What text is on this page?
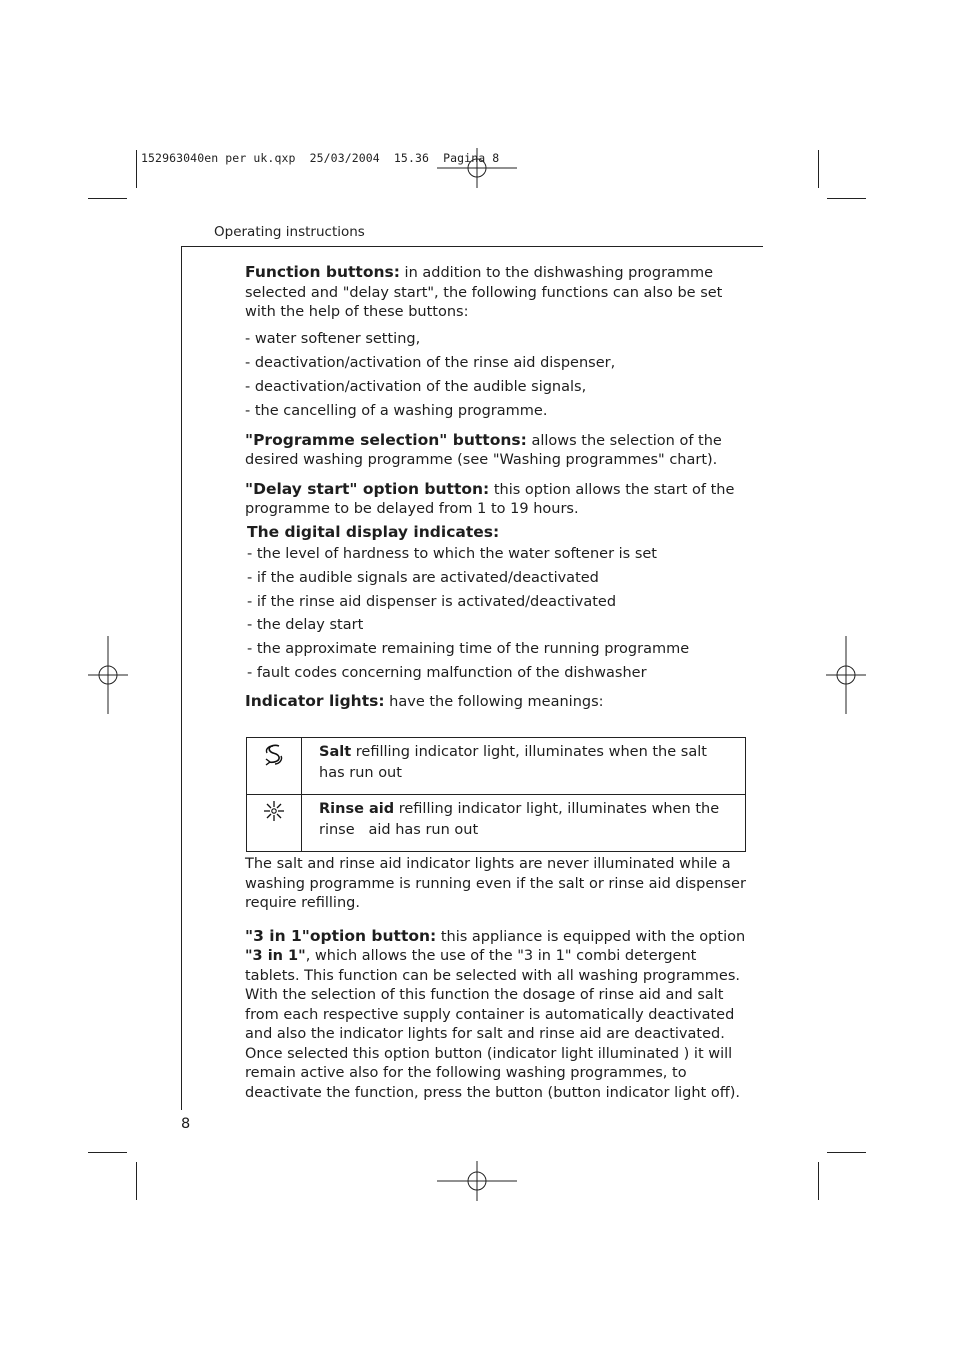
152963040en per uk.qxp 25/03/2004 15.36 Pagina 8
Operating instructions
8

Function buttons: in addition to the dishwashing programme selected and "delay start", the following functions can also be set with the help of these buttons:

- water softener setting,
- deactivation/activation of the rinse aid dispenser,
- deactivation/activation of the audible signals,
- the cancelling of a washing programme.

"Programme selection" buttons: allows the selection of the desired washing programme (see "Washing programmes" chart).

"Delay start" option button: this option allows the start of the programme to be delayed from 1 to 19 hours.

The digital display indicates:

- the level of hardness to which the water softener is set
- if the audible signals are activated/deactivated
- if the rinse aid dispenser is activated/deactivated
- the delay start
- the approximate remaining time of the running programme
- fault codes concerning malfunction of the dishwasher

Indicator lights: have the following meanings:

	Salt refilling indicator light, illuminates when the salt has run out
	Rinse aid refilling indicator light, illuminates when the rinse   aid has run out

The salt and rinse aid indicator lights are never illuminated while a washing programme is running even if the salt or rinse aid dispenser require refilling.

"3 in 1"option button: this appliance is equipped with the option "3 in 1", which allows the use of the "3 in 1" combi detergent tablets. This function can be selected with all washing programmes.

With the selection of this function the dosage of rinse aid and salt from each respective supply container is automatically deactivated and also the indicator lights for salt and rinse aid are deactivated.

Once selected this option button (indicator light illuminated ) it will remain active also for the following washing programmes, to deactivate the function, press the button (button indicator light off).
